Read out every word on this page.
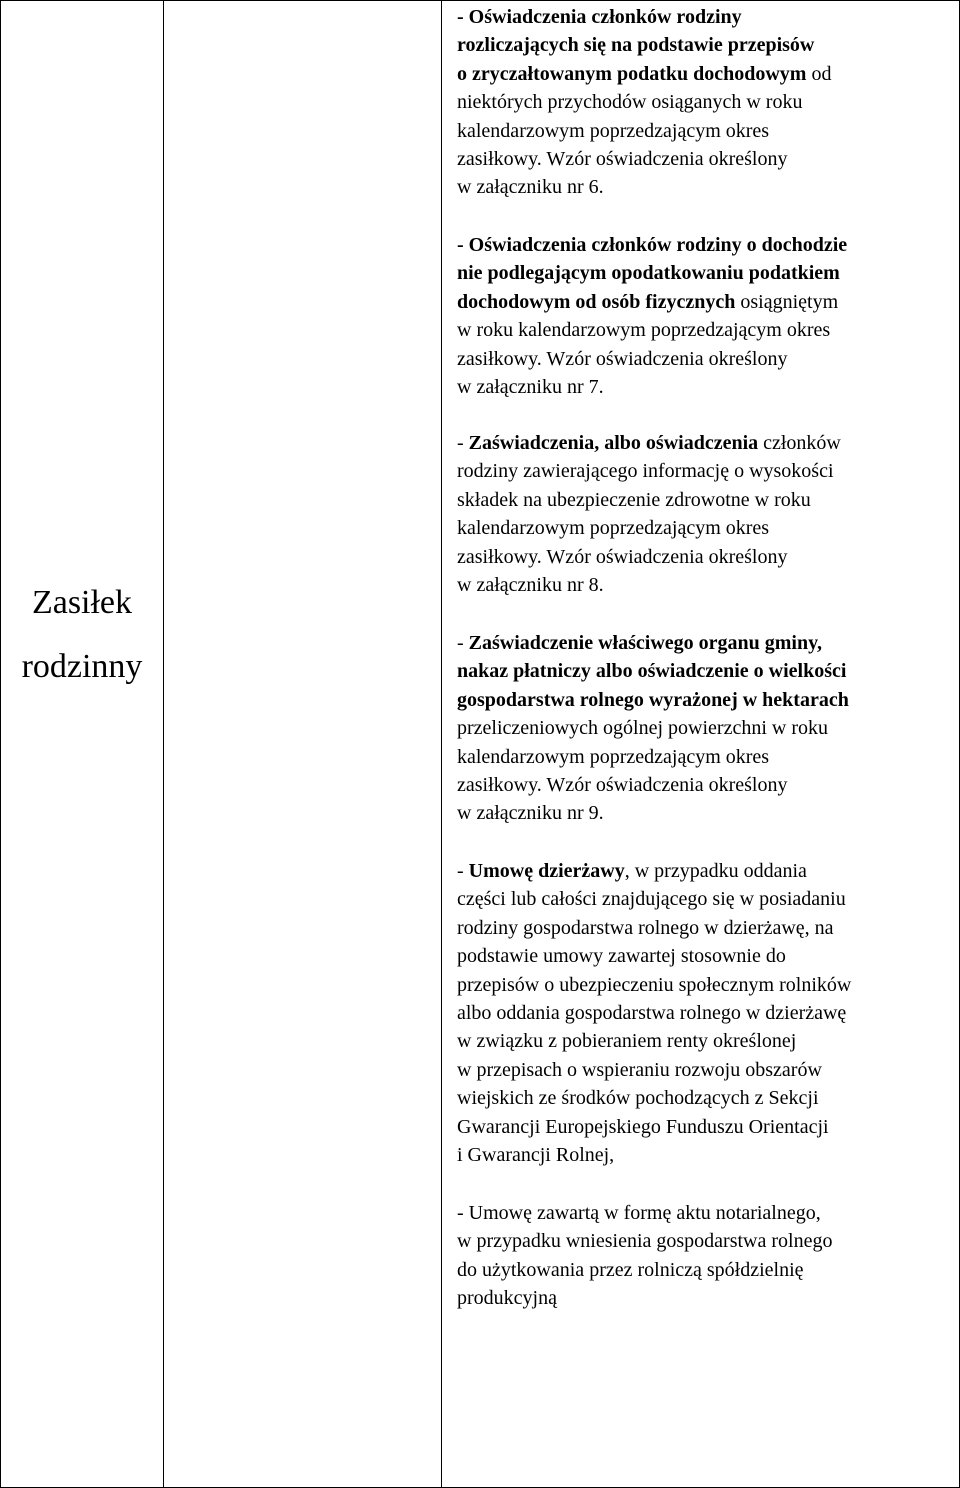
Zasiłek
rodzinny
- Oświadczenia członków rodziny
rozliczających się na podstawie przepisów
o zryczałtowanym podatku dochodowym od
niektórych przychodów osiąganych w roku
kalendarzowym poprzedzającym okres
zasiłkowy. Wzór oświadczenia określony
w załączniku nr 6.
- Oświadczenia członków rodziny o dochodzie
nie podlegającym opodatkowaniu podatkiem
dochodowym od osób fizycznych osiągniętym
w roku kalendarzowym poprzedzającym okres
zasiłkowy. Wzór oświadczenia określony
w załączniku nr 7.
- Zaświadczenia, albo oświadczenia członków
rodziny zawierającego informację o wysokości
składek na ubezpieczenie zdrowotne w roku
kalendarzowym poprzedzającym okres
zasiłkowy. Wzór oświadczenia określony
w załączniku nr 8.
- Zaświadczenie właściwego organu gminy,
nakaz płatniczy albo oświadczenie o wielkości
gospodarstwa rolnego wyrażonej w hektarach
przeliczeniowych ogólnej powierzchni w roku
kalendarzowym poprzedzającym okres
zasiłkowy. Wzór oświadczenia określony
w załączniku nr 9.
- Umowę dzierżawy, w przypadku oddania
części lub całości znajdującego się w posiadaniu
rodziny gospodarstwa rolnego w dzierżawę, na
podstawie umowy zawartej stosownie do
przepisów o ubezpieczeniu społecznym rolników
albo oddania gospodarstwa rolnego w dzierżawę
w związku z pobieraniem renty określonej
w przepisach o wspieraniu rozwoju obszarów
wiejskich ze środków pochodzących z Sekcji
Gwarancji Europejskiego Funduszu Orientacji
i Gwarancji Rolnej,
- Umowę zawartą w formę aktu notarialnego,
w przypadku wniesienia gospodarstwa rolnego
do użytkowania przez rolniczą spółdzielnię
produkcyjną
